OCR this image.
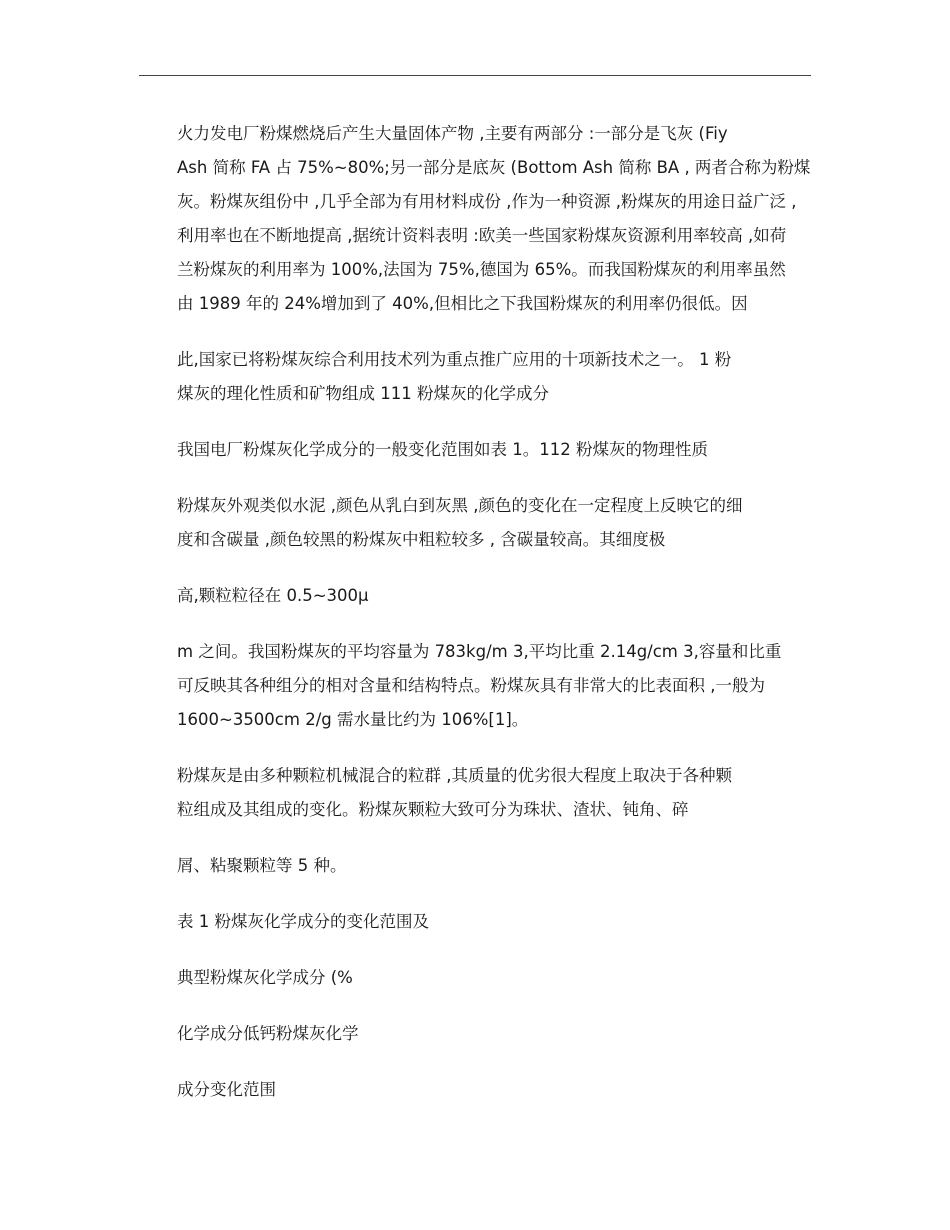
火力发电厂粉煤燃烧后产生大量固体产物 ,主要有两部分 :一部分是飞灰 (Fiy
Ash 简称 FA 占 75%~80%;另一部分是底灰 (Bottom Ash 简称 BA , 两者合称为粉煤
灰。粉煤灰组份中 ,几乎全部为有用材料成份 ,作为一种资源 ,粉煤灰的用途日益广泛 ,
利用率也在不断地提高 ,据统计资料表明 :欧美一些国家粉煤灰资源利用率较高 ,如荷
兰粉煤灰的利用率为 100%,法国为 75%,德国为 65%。而我国粉煤灰的利用率虽然
由 1989 年的 24%增加到了 40%,但相比之下我国粉煤灰的利用率仍很低。因

此,国家已将粉煤灰综合利用技术列为重点推广应用的十项新技术之一。 1 粉
煤灰的理化性质和矿物组成 111 粉煤灰的化学成分

我国电厂粉煤灰化学成分的一般变化范围如表 1。112 粉煤灰的物理性质

粉煤灰外观类似水泥 ,颜色从乳白到灰黑 ,颜色的变化在一定程度上反映它的细
度和含碳量 ,颜色较黑的粉煤灰中粗粒较多 , 含碳量较高。其细度极

高,颗粒粒径在 0.5~300μ

m 之间。我国粉煤灰的平均容量为 783kg/m 3,平均比重 2.14g/cm 3,容量和比重
可反映其各种组分的相对含量和结构特点。粉煤灰具有非常大的比表面积 ,一般为
1600~3500cm 2/g 需水量比约为 106%[1]。

粉煤灰是由多种颗粒机械混合的粒群 ,其质量的优劣很大程度上取决于各种颗
粒组成及其组成的变化。粉煤灰颗粒大致可分为珠状、渣状、钝角、碎

屑、粘聚颗粒等 5 种。

表 1 粉煤灰化学成分的变化范围及
典型粉煤灰化学成分 (%
化学成分低钙粉煤灰化学
成分变化范围
